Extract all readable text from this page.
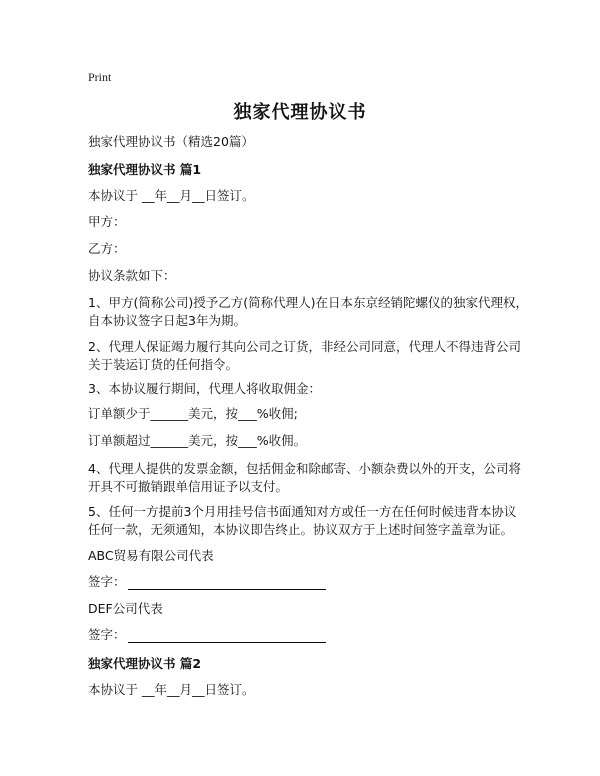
Print
独家代理协议书
独家代理协议书（精选20篇）
独家代理协议书 篇1
本协议于 __年__月__日签订。
甲方：
乙方：
协议条款如下：
1、甲方(简称公司)授予乙方(简称代理人)在日本东京经销陀螺仪的独家代理权，自本协议签字日起3年为期。
2、代理人保证竭力履行其向公司之订货，非经公司同意，代理人不得违背公司关于装运订货的任何指令。
3、本协议履行期间，代理人将收取佣金：
订单额少于______美元，按___%收佣;
订单额超过______美元，按___%收佣。
4、代理人提供的发票金额，包括佣金和除邮寄、小额杂费以外的开支，公司将开具不可撤销跟单信用证予以支付。
5、任何一方提前3个月用挂号信书面通知对方或任一方在任何时候违背本协议任何一款，无须通知，本协议即告终止。协议双方于上述时间签字盖章为证。
ABC贸易有限公司代表
签字：
DEF公司代表
签字：
独家代理协议书 篇2
本协议于 __年__月__日签订。
